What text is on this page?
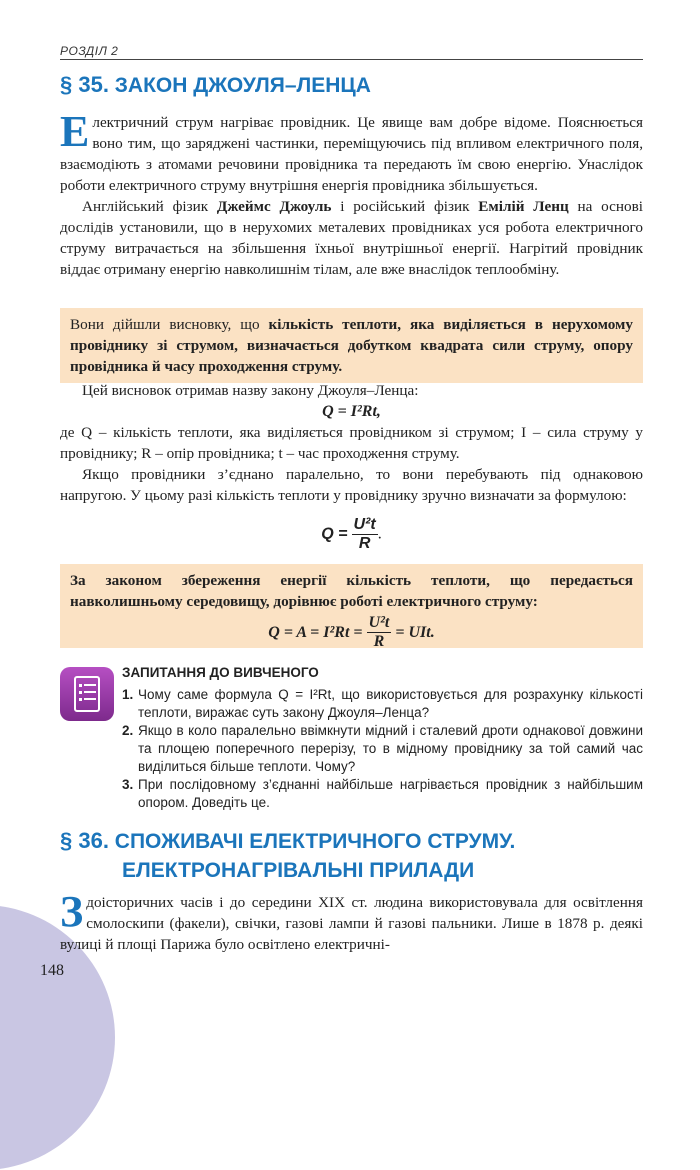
РОЗДІЛ 2
§ 35. ЗАКОН ДЖОУЛЯ–ЛЕНЦА

Електричний струм нагріває провідник. Це явище вам добре відоме. Пояснюється воно тим, що заряджені частинки, переміщуючись під впливом електричного поля, взаємодіють з атомами речовини провідника та передають їм свою енергію. Унаслідок роботи електричного струму внутрішня енергія провідника збільшується.

Англійський фізик Джеймс Джоуль і російський фізик Емілій Ленц на основі дослідів установили, що в нерухомих металевих провідниках уся робота електричного струму витрачається на збільшення їхньої внутрішньої енергії. Нагрітий провідник віддає отриману енергію навколишнім тілам, але вже внаслідок теплообміну.

Вони дійшли висновку, що кількість теплоти, яка виділяється в нерухомому провіднику зі струмом, визначається добутком квадрата сили струму, опору провідника й часу проходження струму.

Цей висновок отримав назву закону Джоуля–Ленца:

Q = I²Rt,

де Q – кількість теплоти, яка виділяється провідником зі струмом; I – сила струму у провіднику; R – опір провідника; t – час проходження струму.

Якщо провідники з’єднано паралельно, то вони перебувають під однаковою напругою. У цьому разі кількість теплоти у провіднику зручно визначати за формулою:

$Q = \frac{\text{U²t}}{R}$ .
За законом збереження енергії кількість теплоти, що передається навколишньому середовищу, дорівнює роботі електричного струму:
$Q = A = I^2Rt = \frac{\text{U²t}}{R}$ = UIt.
ЗАПИТАННЯ ДО ВИВЧЕНОГО
1. Чому саме формула Q = I²Rt, що використовується для розрахунку кількості теплоти, виражає суть закону Джоуля–Ленца?
2. Якщо в коло паралельно ввімкнути мідний і сталевий дроти однакової довжини та площею поперечного перерізу, то в мідному провіднику за той самий час виділиться більше теплоти. Чому?
3. При послідовному з’єднанні найбільше нагрівається провідник з найбільшим опором. Доведіть це.
§ 36. СПОЖИВАЧІ ЕЛЕКТРИЧНОГО СТРУМУ.
ЕЛЕКТРОНАГРІВАЛЬНІ ПРИЛАДИ

З доісторичних часів і до середини XIX ст. людина використовувала для освітлення смолоскипи (факели), свічки, газові лампи й газові пальники. Лише в 1878 р. деякі вулиці й площі Парижа було освітлено електричні-

148
